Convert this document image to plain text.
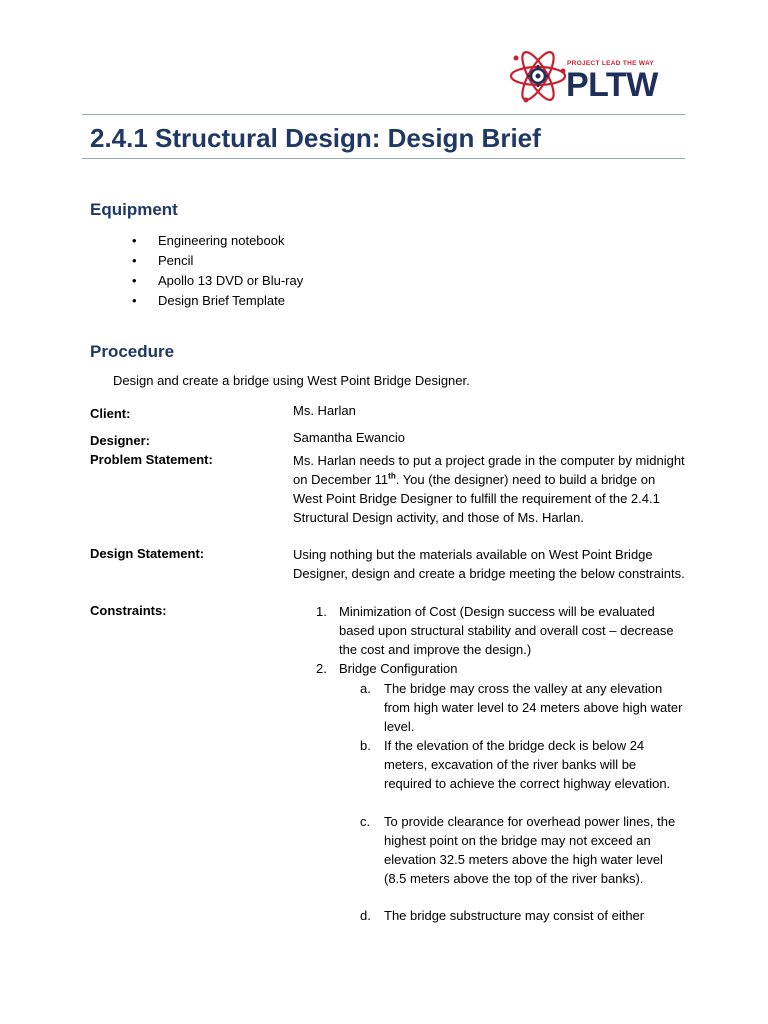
PROJECT LEAD THE WAY
PLTW
2.4.1 Structural Design: Design Brief
Equipment
• Engineering notebook
• Pencil
• Apollo 13 DVD or Blu-ray
• Design Brief Template
Procedure
Design and create a bridge using West Point Bridge Designer.
Client:	Ms. Harlan
Designer:	Samantha Ewancio
Problem Statement:	Ms. Harlan needs to put a project grade in the computer by midnight on December 11th. You (the designer) need to build a bridge on West Point Bridge Designer to fulfill the requirement of the 2.4.1 Structural Design activity, and those of Ms. Harlan.
Design Statement:	Using nothing but the materials available on West Point Bridge Designer, design and create a bridge meeting the below constraints.
Constraints:	1. Minimization of Cost (Design success will be evaluated based upon structural stability and overall cost – decrease the cost and improve the design.)
2. Bridge Configuration
a. The bridge may cross the valley at any elevation from high water level to 24 meters above high water level.
b. If the elevation of the bridge deck is below 24 meters, excavation of the river banks will be required to achieve the correct highway elevation.
c. To provide clearance for overhead power lines, the highest point on the bridge may not exceed an elevation 32.5 meters above the high water level (8.5 meters above the top of the river banks).
d. The bridge substructure may consist of either
